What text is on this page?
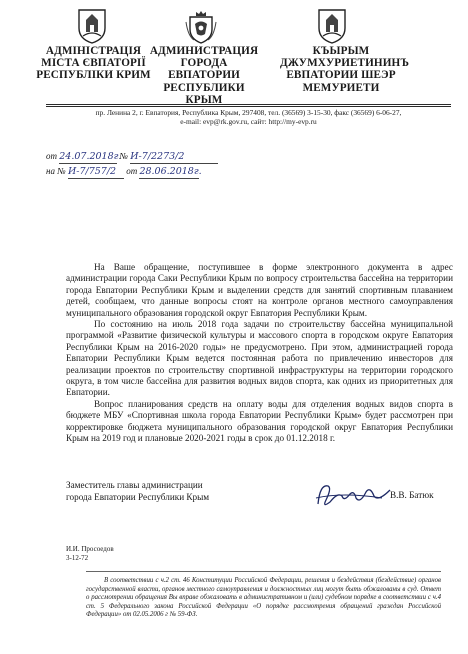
АДМІНІСТРАЦІЯ
МІСТА ЄВПАТОРІЇ
РЕСПУБЛІКИ КРИМ
АДМИНИСТРАЦИЯ
ГОРОДА ЕВПАТОРИИ
РЕСПУБЛИКИ КРЫМ
КЪЫРЫМ
ДЖУМХУРИЕТИНИНЪ
ЕВПАТОРИИ ШЕЭР
МЕМУРИЕТИ
пр. Ленина 2, г. Евпатория, Республика Крым, 297408, тел. (36569) 3-15-30, факс (36569) 6-06-27,
e-mail: evp@rk.gov.ru, сайт: http://my-evp.ru
от 24.07.2018г. № И-7/2273/2
на № И-7/757/2 от 28.06.2018г.

На Ваше обращение, поступившее в форме электронного документа в адрес администрации города Саки Республики Крым по вопросу строительства бассейна на территории города Евпатории Республики Крым и выделении средств для занятий спортивным плаванием детей, сообщаем, что данные вопросы стоят на контроле органов местного самоуправления муниципального образования городской округ Евпатория Республики Крым.

По состоянию на июль 2018 года задачи по строительству бассейна муниципальной программой «Развитие физической культуры и массового спорта в городском округе Евпатория Республики Крым на 2016-2020 годы» не предусмотрено. При этом, администрацией города Евпатории Республики Крым ведется постоянная работа по привлечению инвесторов для реализации проектов по строительству спортивной инфраструктуры на территории городского округа, в том числе бассейна для развития водных видов спорта, как одних из приоритетных для Евпатории.

Вопрос планирования средств на оплату воды для отделения водных видов спорта в бюджете МБУ «Спортивная школа города Евпатории Республики Крым» будет рассмотрен при корректировке бюджета муниципального образования городской округ Евпатория Республики Крым на 2019 год и плановые 2020-2021 годы в срок до 01.12.2018 г.

Заместитель главы администрации
города Евпатории Республики Крым	В.В. Батюк
И.И. Просоедов
3-12-72

В соответствии с ч.2 ст. 46 Конституции Российской Федерации, решения и бездействия (бездействие) органов государственной власти, органов местного самоуправления и должностных лиц могут быть обжалованы в суд. Ответ о рассмотрении обращения Вы вправе обжаловать в административном и (или) судебном порядке в соответствии с ч.4 ст. 5 Федерального закона Российской Федерации «О порядке рассмотрения обращений граждан Российской Федерации» от 02.05.2006 г № 59-ФЗ.
